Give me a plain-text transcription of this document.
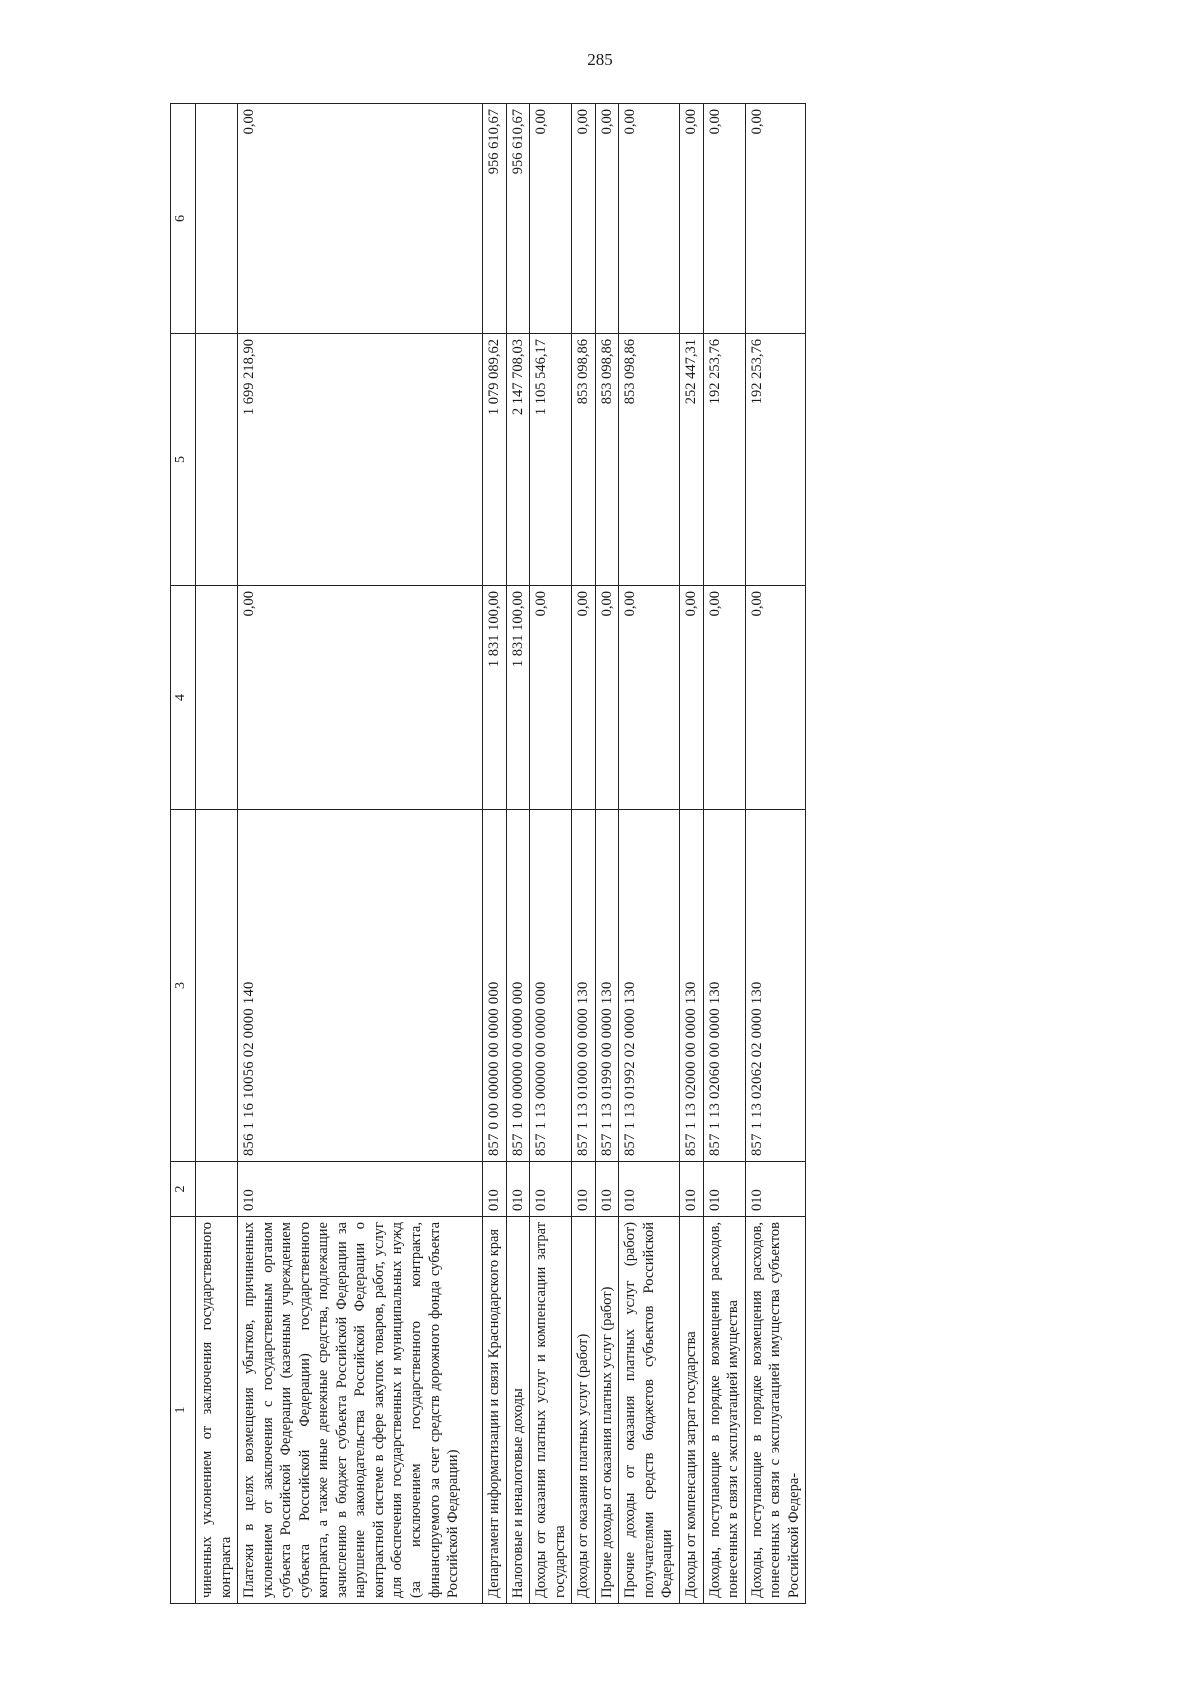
285
1	2	3	4	5	6
чиненных уклонением от заключения государственного контракта					
Платежи в целях возмещения убытков, причиненных уклонением от заключения с государственным органом субъекта Российской Федерации (казенным учреждением субъекта Российской Федерации) государственного контракта, а также иные денежные средства, подлежащие зачислению в бюджет субъекта Российской Федерации за нарушение законодательства Российской Федерации о контрактной системе в сфере закупок товаров, работ, услуг для обеспечения государственных и муниципальных нужд (за исключением государственного контракта, финансируемого за счет средств дорожного фонда субъекта Российской Федерации)	010	856 1 16 10056 02 0000 140	0,00	1 699 218,90	0,00
Департамент информатизации и связи Краснодарского края	010	857 0 00 00000 00 0000 000	1 831 100,00	1 079 089,62	956 610,67
Налоговые и неналоговые доходы	010	857 1 00 00000 00 0000 000	1 831 100,00	2 147 708,03	956 610,67
Доходы от оказания платных услуг и компенсации затрат государства	010	857 1 13 00000 00 0000 000	0,00	1 105 546,17	0,00
Доходы от оказания платных услуг (работ)	010	857 1 13 01000 00 0000 130	0,00	853 098,86	0,00
Прочие доходы от оказания платных услуг (работ)	010	857 1 13 01990 00 0000 130	0,00	853 098,86	0,00
Прочие доходы от оказания платных услуг (работ) получателями средств бюджетов субъектов Российской Федерации	010	857 1 13 01992 02 0000 130	0,00	853 098,86	0,00
Доходы от компенсации затрат государства	010	857 1 13 02000 00 0000 130	0,00	252 447,31	0,00
Доходы, поступающие в порядке возмещения расходов, понесенных в связи с эксплуатацией имущества	010	857 1 13 02060 00 0000 130	0,00	192 253,76	0,00
Доходы, поступающие в порядке возмещения расходов, понесенных в связи с эксплуатацией имущества субъектов Российской Федера-	010	857 1 13 02062 02 0000 130	0,00	192 253,76	0,00
